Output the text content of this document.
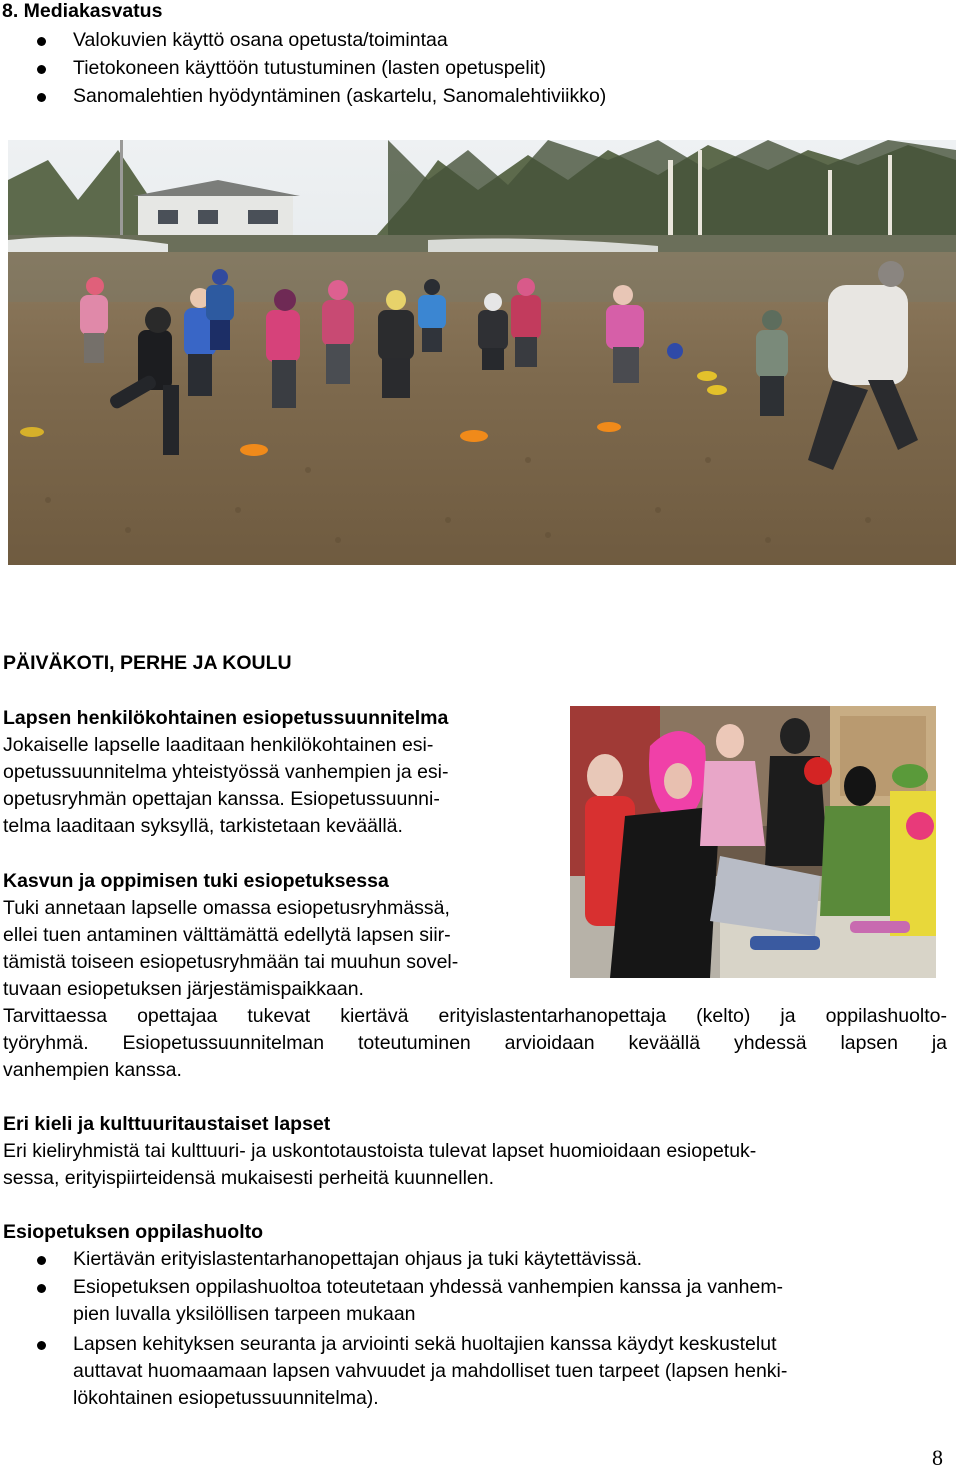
8. Mediakasvatus
Valokuvien käyttö osana opetusta/toimintaa
Tietokoneen käyttöön tutustuminen (lasten opetuspelit)
Sanomalehtien hyödyntäminen (askartelu, Sanomalehtiviikko)
PÄIVÄKOTI, PERHE JA KOULU
Lapsen henkilökohtainen esiopetussuunnitelma
Jokaiselle lapselle laaditaan henkilökohtainen esi-
opetussuunnitelma yhteistyössä vanhempien ja esi-
opetusryhmän opettajan kanssa. Esiopetussuunni-
telma laaditaan syksyllä, tarkistetaan keväällä.
Kasvun ja oppimisen tuki esiopetuksessa
Tuki annetaan lapselle omassa esiopetusryhmässä,
ellei tuen antaminen välttämättä edellytä lapsen siir-
tämistä toiseen esiopetusryhmään tai muuhun sovel-
tuvaan esiopetuksen järjestämispaikkaan.
Tarvittaessa opettajaa tukevat kiertävä erityislastentarhanopettaja (kelto) ja oppilashuolto-
työryhmä. Esiopetussuunnitelman toteutuminen arvioidaan keväällä yhdessä lapsen ja
vanhempien kanssa.
Eri kieli ja kulttuuritaustaiset lapset
Eri kieliryhmistä tai kulttuuri- ja uskontotaustoista tulevat lapset huomioidaan esiopetuk-
sessa, erityispiirteidensä mukaisesti perheitä kuunnellen.
Esiopetuksen oppilashuolto
Kiertävän erityislastentarhanopettajan ohjaus ja tuki käytettävissä.
Esiopetuksen oppilashuoltoa toteutetaan yhdessä vanhempien kanssa ja vanhem-
pien luvalla yksilöllisen tarpeen mukaan
Lapsen kehityksen seuranta ja arviointi sekä huoltajien kanssa käydyt keskustelut
auttavat huomaamaan lapsen vahvuudet ja mahdolliset tuen tarpeet (lapsen henki-
lökohtainen esiopetussuunnitelma).
8
